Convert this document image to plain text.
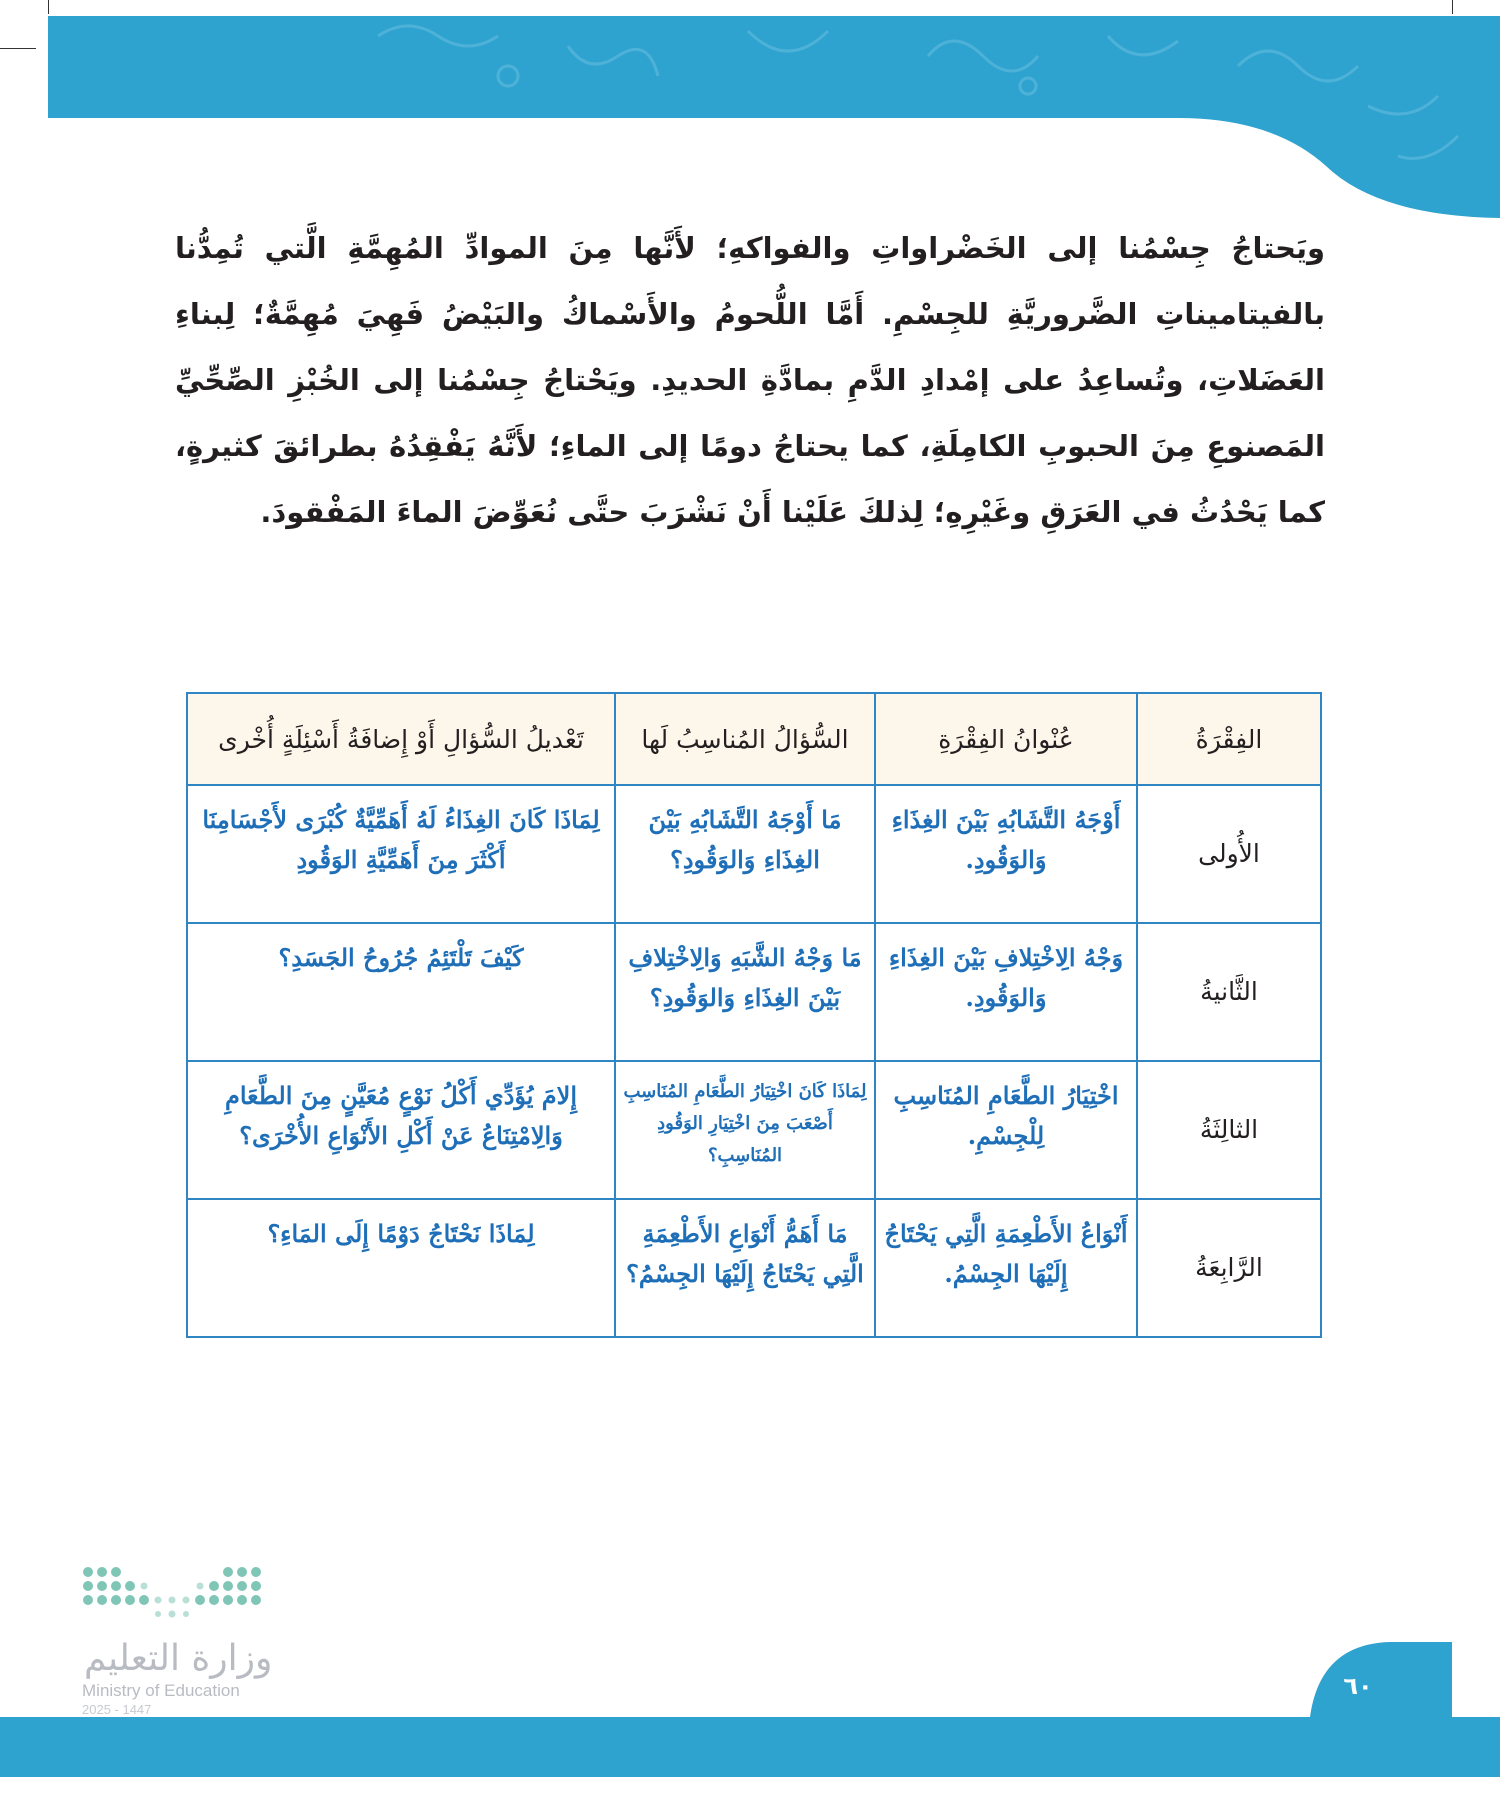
ويَحتاجُ جِسْمُنا إلى الخَضْراواتِ والفواكهِ؛ لأَنَّها مِنَ الموادِّ المُهِمَّةِ الَّتي تُمِدُّنا بالفيتاميناتِ الضَّروريَّةِ للجِسْمِ. أَمَّا اللُّحومُ والأَسْماكُ والبَيْضُ فَهِيَ مُهِمَّةٌ؛ لِبناءِ العَضَلاتِ، وتُساعِدُ على إمْدادِ الدَّمِ بمادَّةِ الحديدِ. ويَحْتاجُ جِسْمُنا إلى الخُبْزِ الصِّحِّيِّ المَصنوعِ مِنَ الحبوبِ الكامِلَةِ، كما يحتاجُ دومًا إلى الماءِ؛ لأَنَّهُ يَفْقِدُهُ بطرائقَ كثيرةٍ، كما يَحْدُثُ في العَرَقِ وغَيْرِهِ؛ لِذلكَ عَلَيْنا أَنْ نَشْرَبَ حتَّى نُعَوِّضَ الماءَ المَفْقودَ.
الفِقْرَةُ	عُنْوانُ الفِقْرَةِ	السُّؤالُ المُناسِبُ لَها	تَعْديلُ السُّؤالِ أَوْ إِضافَةُ أَسْئِلَةٍ أُخْرى
الأُولى	أَوْجَهُ التَّشَابُهِ بَيْنَ الغِذَاءِ وَالوَقُودِ.	مَا أَوْجَهُ التَّشَابُهِ بَيْنَ الغِذَاءِ وَالوَقُودِ؟	لِمَاذَا كَانَ الغِذَاءُ لَهُ أَهَمِّيَّةٌ كُبْرَى لأَجْسَامِنَا أَكْثَرَ مِنَ أَهَمِّيَّةِ الوَقُودِ
الثَّانيةُ	وَجْهُ الِاخْتِلافِ بَيْنَ الغِذَاءِ وَالوَقُودِ.	مَا وَجْهُ الشَّبَهِ وَالِاخْتِلافِ بَيْنَ الغِذَاءِ وَالوَقُودِ؟	كَيْفَ تَلْتَئِمُ جُرُوحُ الجَسَدِ؟
الثالِثَةُ	اخْتِيَارُ الطَّعَامِ المُنَاسِبِ لِلْجِسْمِ.	لِمَاذَا كَانَ اخْتِيَارُ الطَّعَامِ المُنَاسِبِ أَصْعَبَ مِنَ اخْتِيَارِ الوَقُودِ المُنَاسِبِ؟	إِلامَ يُؤَدِّي أَكْلُ نَوْعٍ مُعَيَّنٍ مِنَ الطَّعَامِ وَالِامْتِنَاعُ عَنْ أَكْلِ الأَنْوَاعِ الأُخْرَى؟
الرَّابِعَةُ	أَنْوَاعُ الأَطْعِمَةِ الَّتِي يَحْتَاجُ إِلَيْهَا الجِسْمُ.	مَا أَهَمُّ أَنْوَاعِ الأَطْعِمَةِ الَّتِي يَحْتَاجُ إِلَيْهَا الجِسْمُ؟	لِمَاذَا نَحْتَاجُ دَوْمًا إِلَى المَاءِ؟
وزارة التعليم
Ministry of Education
2025 - 1447
٦٠
